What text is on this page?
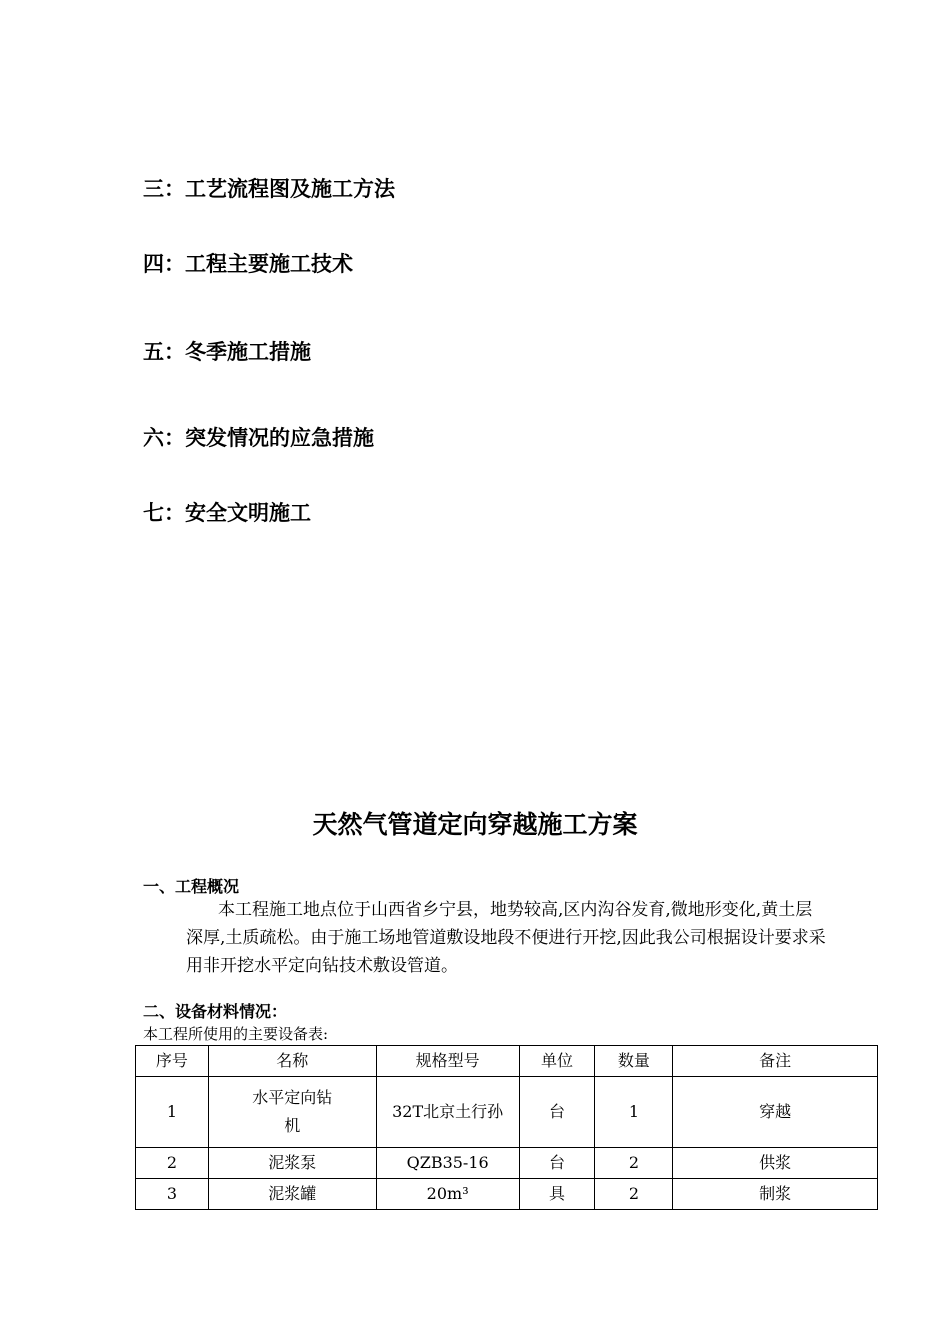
三：工艺流程图及施工方法
四：工程主要施工技术
五：冬季施工措施
六：突发情况的应急措施
七：安全文明施工
天然气管道定向穿越施工方案
一、工程概况
本工程施工地点位于山西省乡宁县，地势较高,区内沟谷发育,微地形变化,黄土层深厚,土质疏松。由于施工场地管道敷设地段不便进行开挖,因此我公司根据设计要求采用非开挖水平定向钻技术敷设管道。
二、设备材料情况：
本工程所使用的主要设备表:
序号	名称	规格型号	单位	数量	备注
1	水平定向钻机	32T北京土行孙	台	1	穿越
2	泥浆泵	QZB35-16	台	2	供浆
3	泥浆罐	20m³	具	2	制浆
